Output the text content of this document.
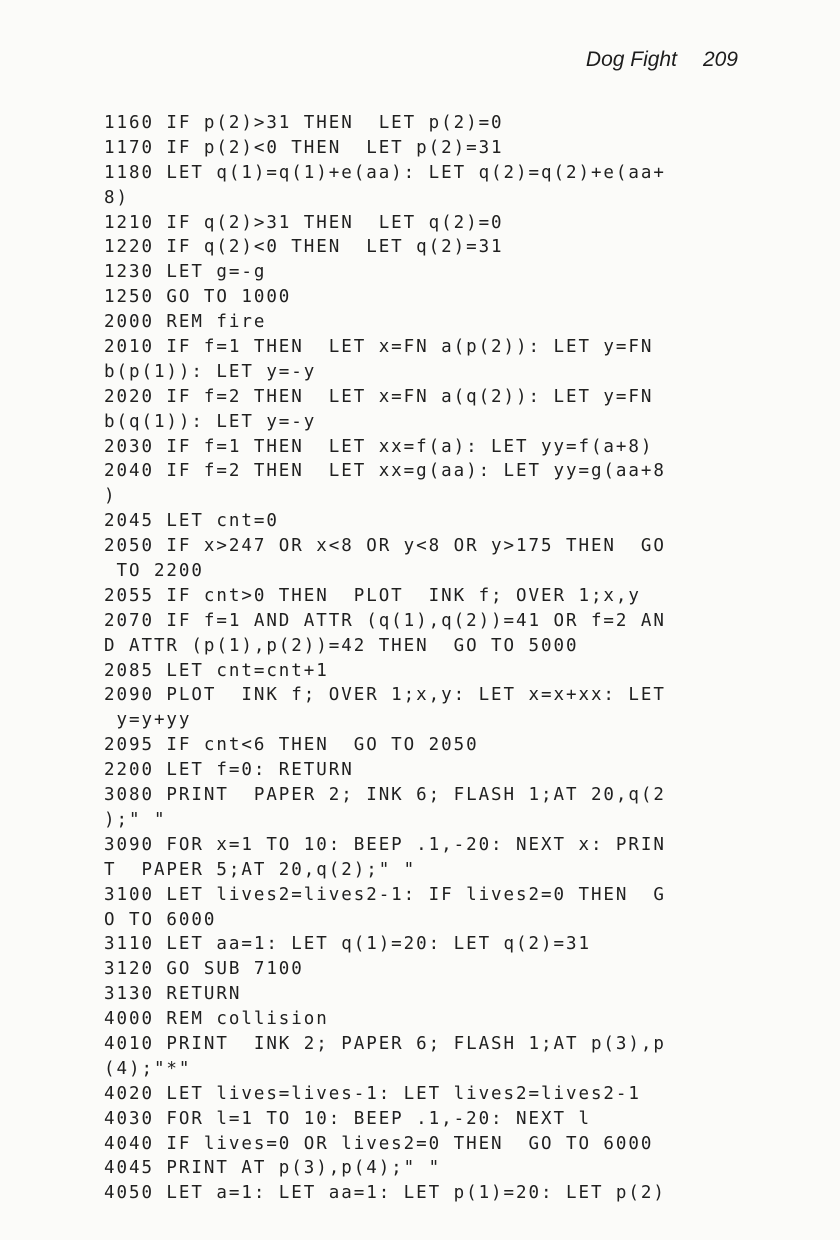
Dog Fight 209
1160 IF p(2)>31 THEN  LET p(2)=0
1170 IF p(2)<0 THEN  LET p(2)=31
1180 LET q(1)=q(1)+e(aa): LET q(2)=q(2)+e(aa+
8)
1210 IF q(2)>31 THEN  LET q(2)=0
1220 IF q(2)<0 THEN  LET q(2)=31
1230 LET g=-g
1250 GO TO 1000
2000 REM fire
2010 IF f=1 THEN  LET x=FN a(p(2)): LET y=FN
b(p(1)): LET y=-y
2020 IF f=2 THEN  LET x=FN a(q(2)): LET y=FN
b(q(1)): LET y=-y
2030 IF f=1 THEN  LET xx=f(a): LET yy=f(a+8)
2040 IF f=2 THEN  LET xx=g(aa): LET yy=g(aa+8
)
2045 LET cnt=0
2050 IF x>247 OR x<8 OR y<8 OR y>175 THEN  GO
TO 2200
2055 IF cnt>0 THEN  PLOT  INK f; OVER 1;x,y
2070 IF f=1 AND ATTR (q(1),q(2))=41 OR f=2 AN
D ATTR (p(1),p(2))=42 THEN  GO TO 5000
2085 LET cnt=cnt+1
2090 PLOT  INK f; OVER 1;x,y: LET x=x+xx: LET
y=y+yy
2095 IF cnt<6 THEN  GO TO 2050
2200 LET f=0: RETURN
3080 PRINT  PAPER 2; INK 6; FLASH 1;AT 20,q(2
);" "
3090 FOR x=1 TO 10: BEEP .1,-20: NEXT x: PRIN
T  PAPER 5;AT 20,q(2);" "
3100 LET lives2=lives2-1: IF lives2=0 THEN  G
O TO 6000
3110 LET aa=1: LET q(1)=20: LET q(2)=31
3120 GO SUB 7100
3130 RETURN
4000 REM collision
4010 PRINT  INK 2; PAPER 6; FLASH 1;AT p(3),p
(4);"*"
4020 LET lives=lives-1: LET lives2=lives2-1
4030 FOR l=1 TO 10: BEEP .1,-20: NEXT l
4040 IF lives=0 OR lives2=0 THEN  GO TO 6000
4045 PRINT AT p(3),p(4);" "
4050 LET a=1: LET aa=1: LET p(1)=20: LET p(2)
